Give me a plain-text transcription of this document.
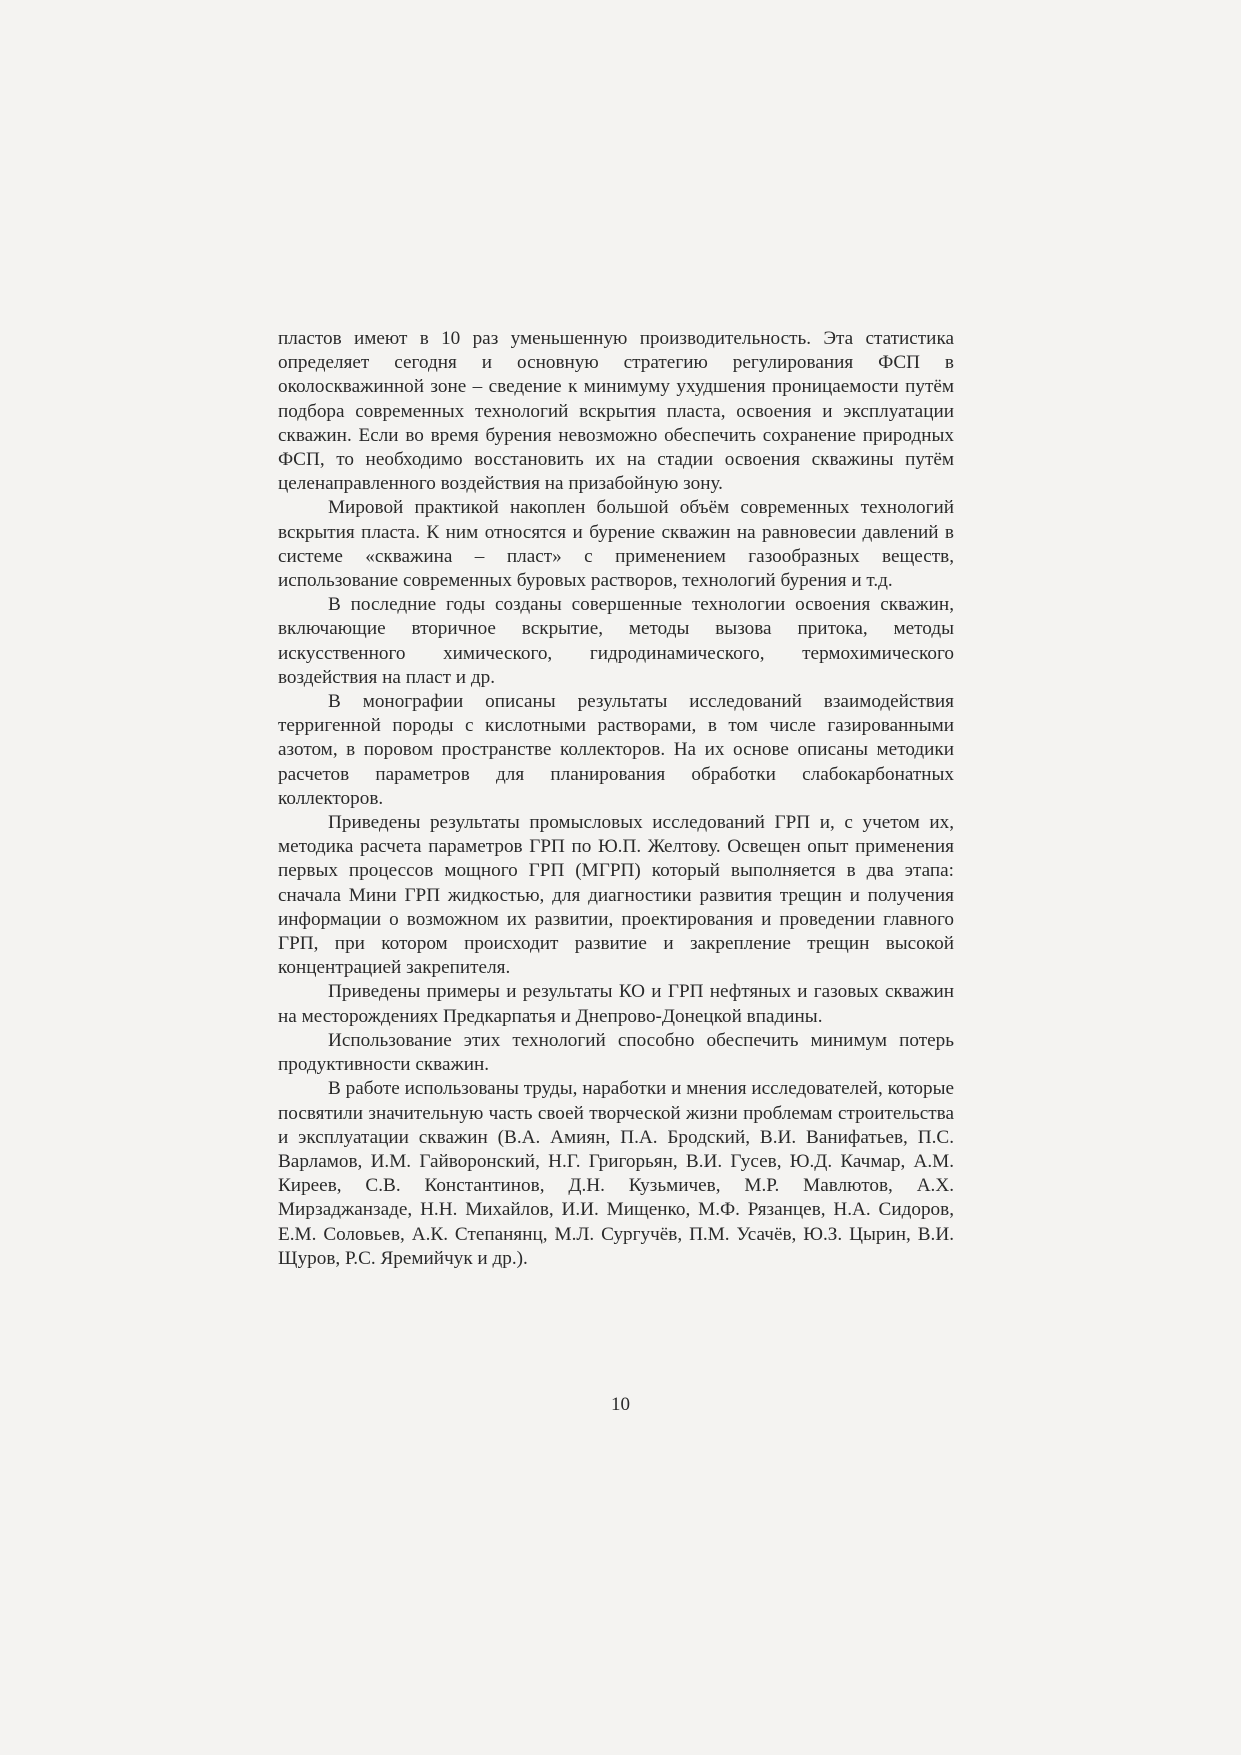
пластов имеют в 10 раз уменьшенную производительность. Эта статистика определяет сегодня и основную стратегию регулирования ФСП в околоскважинной зоне – сведение к минимуму ухудшения проницаемости путём подбора современных технологий вскрытия пласта, освоения и эксплуатации скважин. Если во время бурения невозможно обеспечить сохранение природных ФСП, то необходимо восстановить их на стадии освоения скважины путём целенаправленного воздействия на призабойную зону.

Мировой практикой накоплен большой объём современных технологий вскрытия пласта. К ним относятся и бурение скважин на равновесии давлений в системе «скважина – пласт» с применением газообразных веществ, использование современных буровых растворов, технологий бурения и т.д.

В последние годы созданы совершенные технологии освоения скважин, включающие вторичное вскрытие, методы вызова притока, методы искусственного химического, гидродинамического, термохимического воздействия на пласт и др.

В монографии описаны результаты исследований взаимодействия терригенной породы с кислотными растворами, в том числе газированными азотом, в поровом пространстве коллекторов. На их основе описаны методики расчетов параметров для планирования обработки слабокарбонатных коллекторов.

Приведены результаты промысловых исследований ГРП и, с учетом их, методика расчета параметров ГРП по Ю.П. Желтову. Освещен опыт применения первых процессов мощного ГРП (МГРП) который выполняется в два этапа: сначала Мини ГРП жидкостью, для диагностики развития трещин и получения информации о возможном их развитии, проектирования и проведении главного ГРП, при котором происходит развитие и закрепление трещин высокой концентрацией закрепителя.

Приведены примеры и результаты КО и ГРП нефтяных и газовых скважин на месторождениях Предкарпатья и Днепрово-Донецкой впадины.

Использование этих технологий способно обеспечить минимум потерь продуктивности скважин.

В работе использованы труды, наработки и мнения исследователей, которые посвятили значительную часть своей творческой жизни проблемам строительства и эксплуатации скважин (В.А. Амиян, П.А. Бродский, В.И. Ванифатьев, П.С. Варламов, И.М. Гайворонский, Н.Г. Григорьян, В.И. Гусев, Ю.Д. Качмар, А.М. Киреев, С.В. Константинов, Д.Н. Кузьмичев, М.Р. Мавлютов, А.Х. Мирзаджанзаде, Н.Н. Михайлов, И.И. Мищенко, М.Ф. Рязанцев, Н.А. Сидоров, Е.М. Соловьев, А.К. Степанянц, М.Л. Сургучёв, П.М. Усачёв, Ю.З. Цырин, В.И. Щуров, Р.С. Яремийчук и др.).

10
